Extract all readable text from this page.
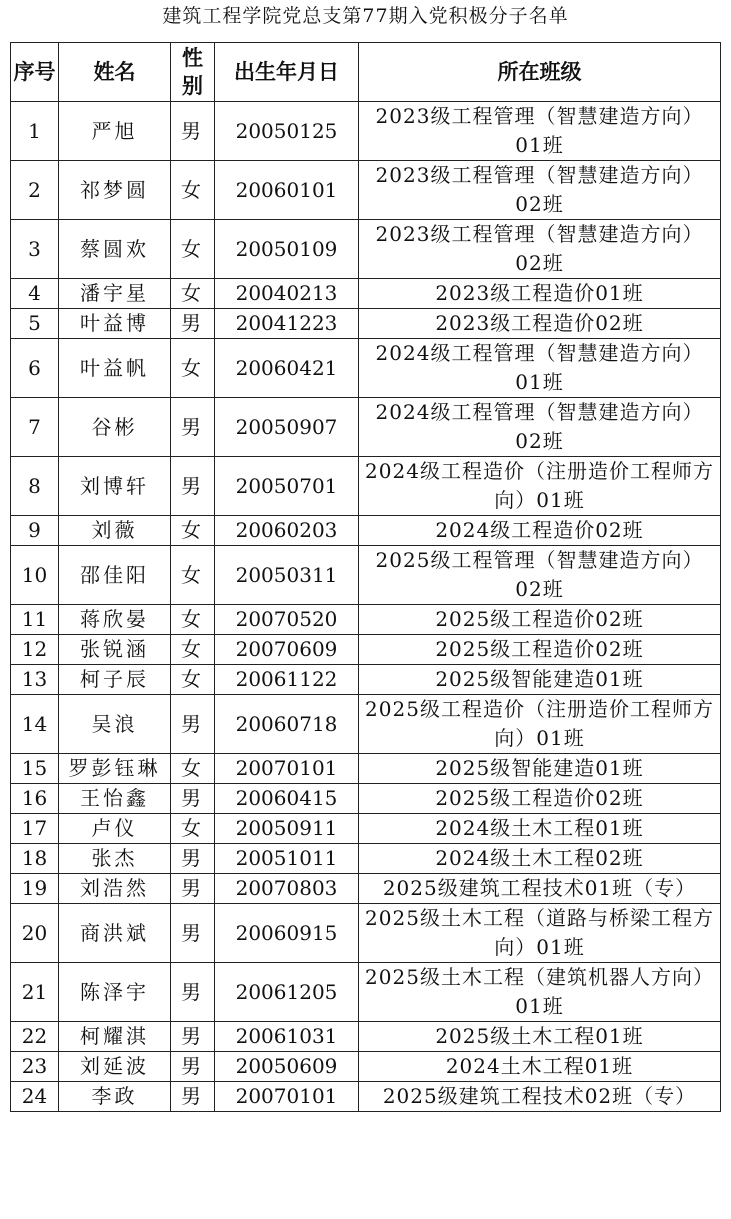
建筑工程学院党总支第77期入党积极分子名单
序号	姓名	性别	出生年月日	所在班级
1	严旭	男	20050125	2023级工程管理（智慧建造方向）01班
2	祁梦圆	女	20060101	2023级工程管理（智慧建造方向）02班
3	蔡圆欢	女	20050109	2023级工程管理（智慧建造方向）02班
4	潘宇星	女	20040213	2023级工程造价01班
5	叶益博	男	20041223	2023级工程造价02班
6	叶益帆	女	20060421	2024级工程管理（智慧建造方向）01班
7	谷彬	男	20050907	2024级工程管理（智慧建造方向）02班
8	刘博轩	男	20050701	2024级工程造价（注册造价工程师方向）01班
9	刘薇	女	20060203	2024级工程造价02班
10	邵佳阳	女	20050311	2025级工程管理（智慧建造方向）02班
11	蒋欣晏	女	20070520	2025级工程造价02班
12	张锐涵	女	20070609	2025级工程造价02班
13	柯子辰	女	20061122	2025级智能建造01班
14	吴浪	男	20060718	2025级工程造价（注册造价工程师方向）01班
15	罗彭钰琳	女	20070101	2025级智能建造01班
16	王怡鑫	男	20060415	2025级工程造价02班
17	卢仪	女	20050911	2024级土木工程01班
18	张杰	男	20051011	2024级土木工程02班
19	刘浩然	男	20070803	2025级建筑工程技术01班（专）
20	商洪斌	男	20060915	2025级土木工程（道路与桥梁工程方向）01班
21	陈泽宇	男	20061205	2025级土木工程（建筑机器人方向）01班
22	柯耀淇	男	20061031	2025级土木工程01班
23	刘延波	男	20050609	2024土木工程01班
24	李政	男	20070101	2025级建筑工程技术02班（专）
